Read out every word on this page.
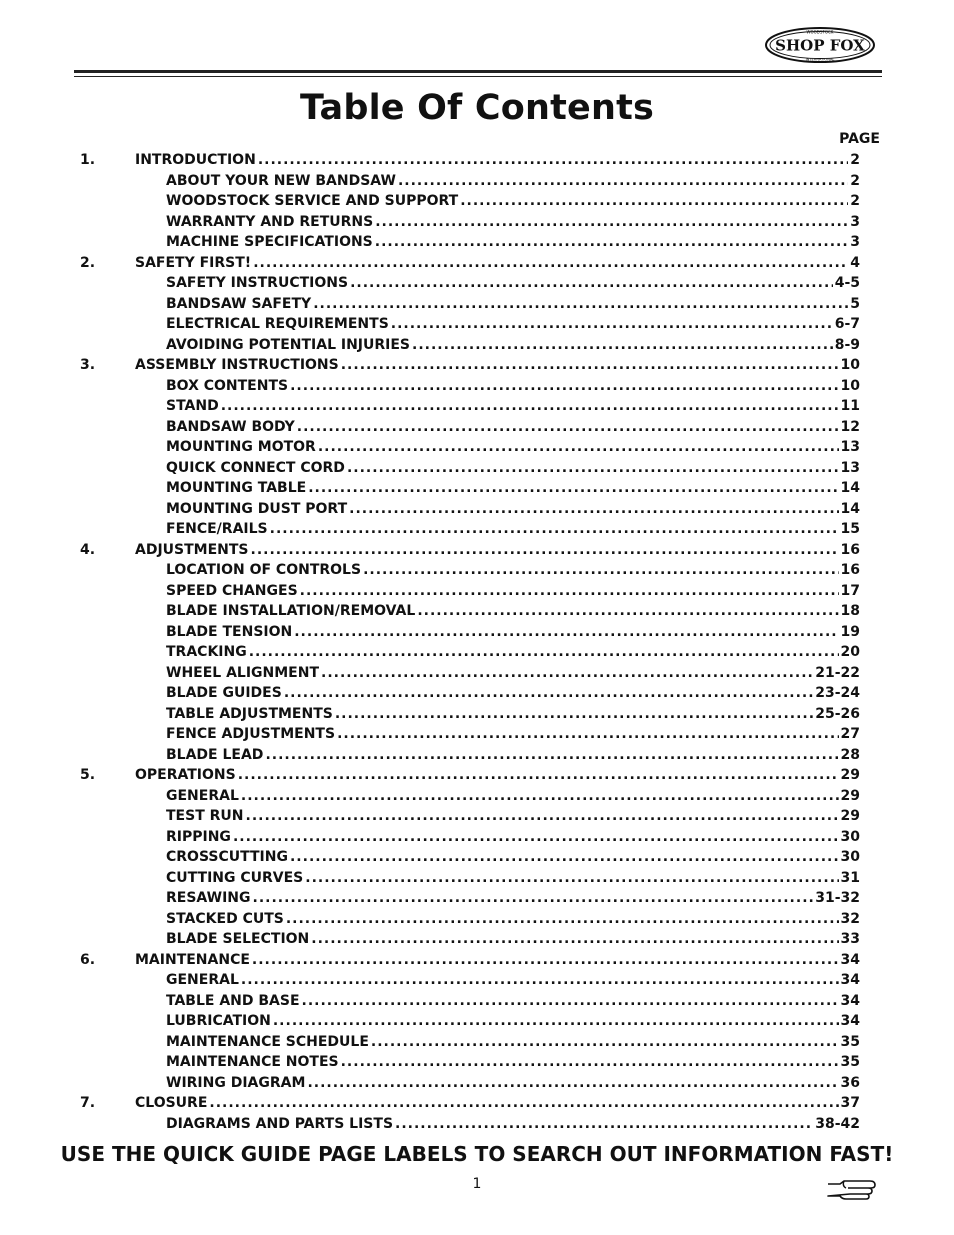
SHOP FOX
WOODSTOCK
INTERNATIONAL
Table Of Contents
PAGE
1.	INTRODUCTION .....	2
ABOUT YOUR NEW BANDSAW .....	2
WOODSTOCK SERVICE AND SUPPORT .....	2
WARRANTY AND RETURNS .....	3
MACHINE SPECIFICATIONS .....	3
2.	SAFETY FIRST! .....	4
SAFETY INSTRUCTIONS .....	4-5
BANDSAW SAFETY .....	5
ELECTRICAL REQUIREMENTS .....	6-7
AVOIDING POTENTIAL INJURIES .....	8-9
3.	ASSEMBLY INSTRUCTIONS .....	10
BOX CONTENTS .....	10
STAND .....	11
BANDSAW BODY .....	12
MOUNTING MOTOR .....	13
QUICK CONNECT CORD .....	13
MOUNTING TABLE .....	14
MOUNTING DUST PORT .....	14
FENCE/RAILS .....	15
4.	ADJUSTMENTS .....	16
LOCATION OF CONTROLS .....	16
SPEED CHANGES .....	17
BLADE INSTALLATION/REMOVAL .....	18
BLADE TENSION .....	19
TRACKING .....	20
WHEEL ALIGNMENT .....	21-22
BLADE GUIDES .....	23-24
TABLE ADJUSTMENTS .....	25-26
FENCE ADJUSTMENTS .....	27
BLADE LEAD .....	28
5.	OPERATIONS .....	29
GENERAL .....	29
TEST RUN .....	29
RIPPING .....	30
CROSSCUTTING .....	30
CUTTING CURVES .....	31
RESAWING .....	31-32
STACKED CUTS .....	32
BLADE SELECTION .....	33
6.	MAINTENANCE .....	34
GENERAL .....	34
TABLE AND BASE .....	34
LUBRICATION .....	34
MAINTENANCE SCHEDULE .....	35
MAINTENANCE NOTES .....	35
WIRING DIAGRAM .....	36
7.	CLOSURE .....	37
DIAGRAMS AND PARTS LISTS .....	38-42
USE THE QUICK GUIDE PAGE LABELS TO SEARCH OUT INFORMATION FAST!
1
